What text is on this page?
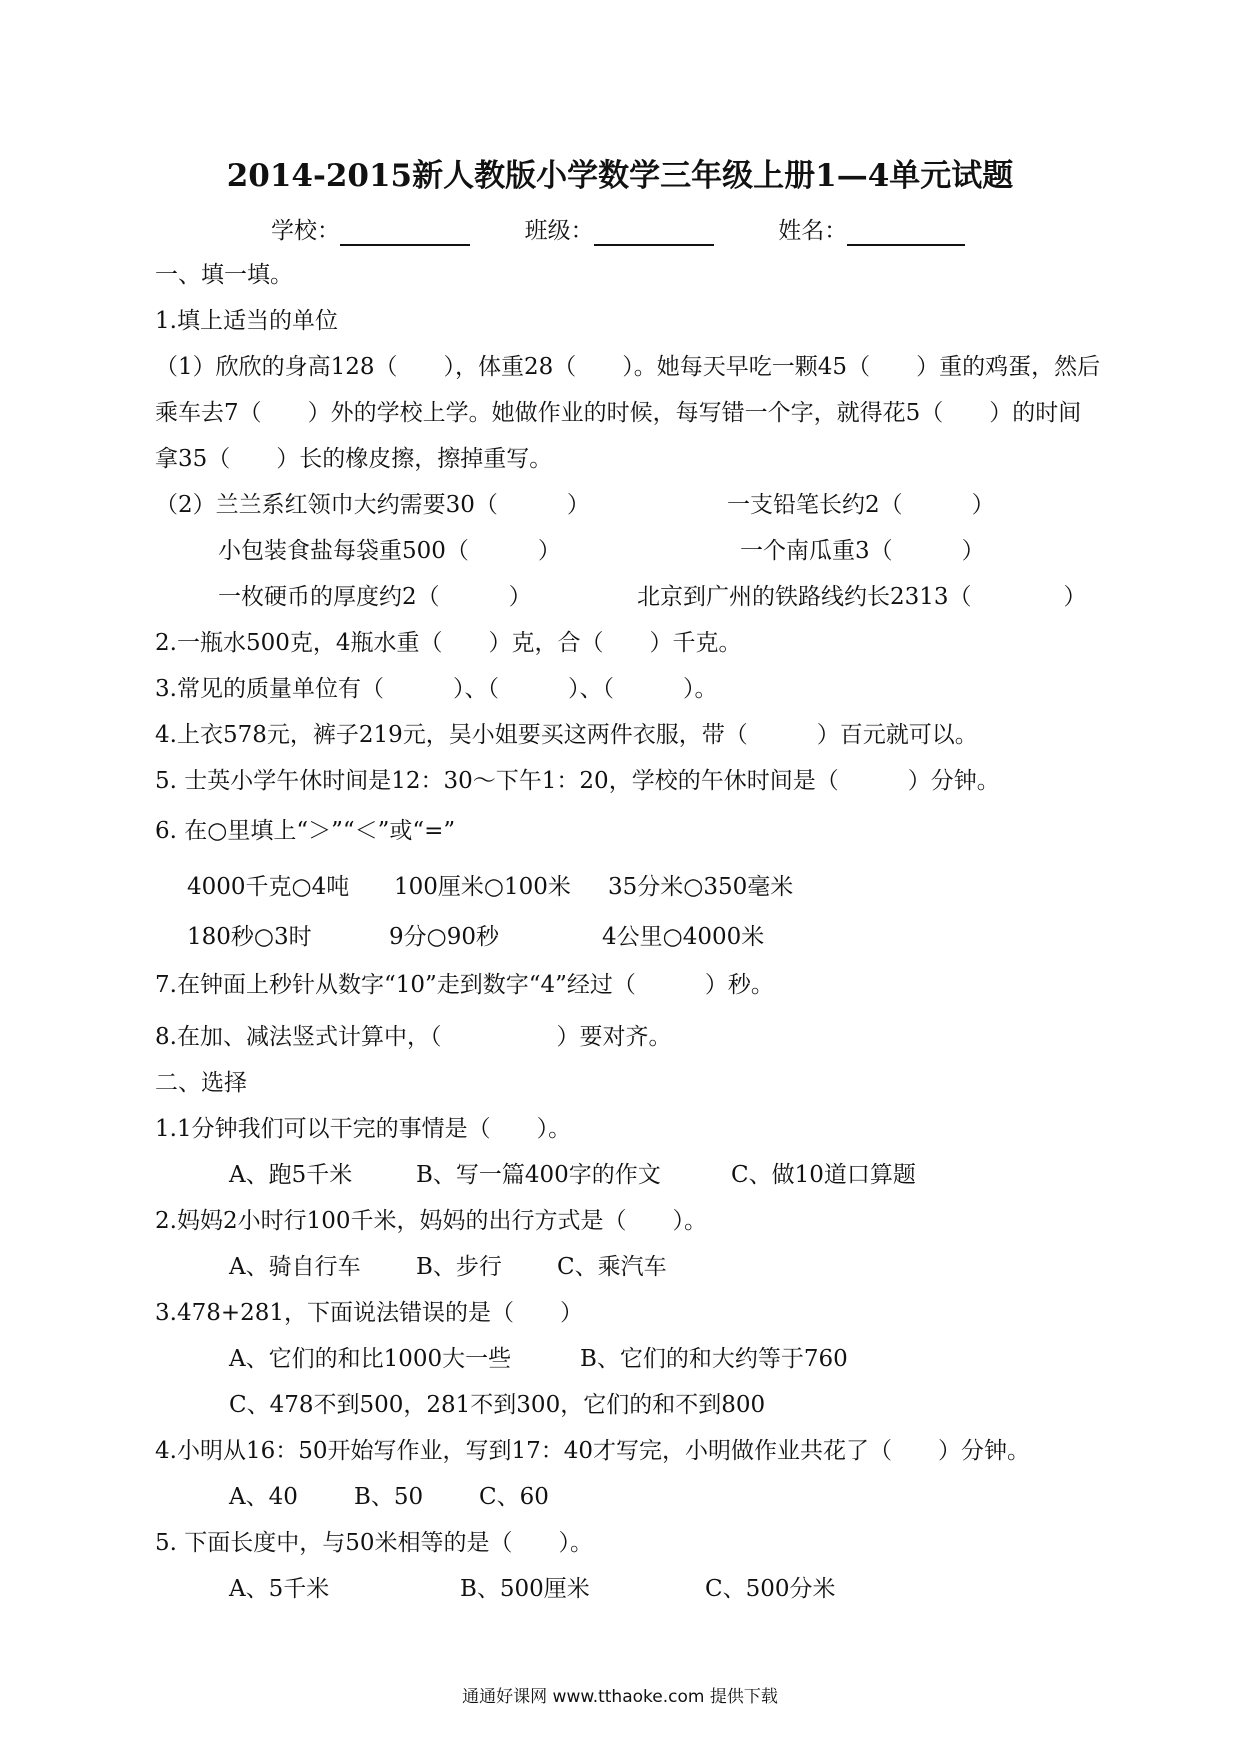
2014-2015新人教版小学数学三年级上册1—4单元试题
学校：	班级：	姓名：
一、填一填。
1.填上适当的单位
（1）欣欣的身高128（　　），体重28（　　）。她每天早吃一颗45（　　）重的鸡蛋，然后
乘车去7（　　）外的学校上学。她做作业的时候，每写错一个字，就得花5（　　）的时间
拿35（　　）长的橡皮擦，擦掉重写。
（2）兰兰系红领巾大约需要30（　　　）	一支铅笔长约2（　　　）
小包装食盐每袋重500（　　　）	一个南瓜重3（　　　）
一枚硬币的厚度约2（　　　）	北京到广州的铁路线约长2313（　　　　）
2.一瓶水500克，4瓶水重（　　）克，合（　　）千克。
3.常见的质量单位有（　　　）、（　　　）、（　　　）。
4.上衣578元，裤子219元，吴小姐要买这两件衣服，带（　　　）百元就可以。
5. 士英小学午休时间是12：30～下午1：20，学校的午休时间是（　　　）分钟。
6. 在○里填上“＞”“＜”或“=”
4000千克○4吨 100厘米○100米 35分米○350毫米
180秒○3时	9分○90秒	4公里○4000米
7.在钟面上秒针从数字“10”走到数字“4”经过（　　　）秒。
8.在加、减法竖式计算中，（　　　　　）要对齐。
二、选择
1.1分钟我们可以干完的事情是（　　）。
A、跑5千米	B、写一篇400字的作文	C、做10道口算题
2.妈妈2小时行100千米，妈妈的出行方式是（　　）。
A、骑自行车 B、步行 C、乘汽车
3.478+281，下面说法错误的是（　　）
A、它们的和比1000大一些	B、它们的和大约等于760
C、478不到500，281不到300，它们的和不到800
4.小明从16：50开始写作业，写到17：40才写完，小明做作业共花了（　　）分钟。
A、40 B、50 C、60
5. 下面长度中，与50米相等的是（　　）。
A、5千米	B、500厘米	C、500分米
通通好课网 www.tthaoke.com 提供下载
